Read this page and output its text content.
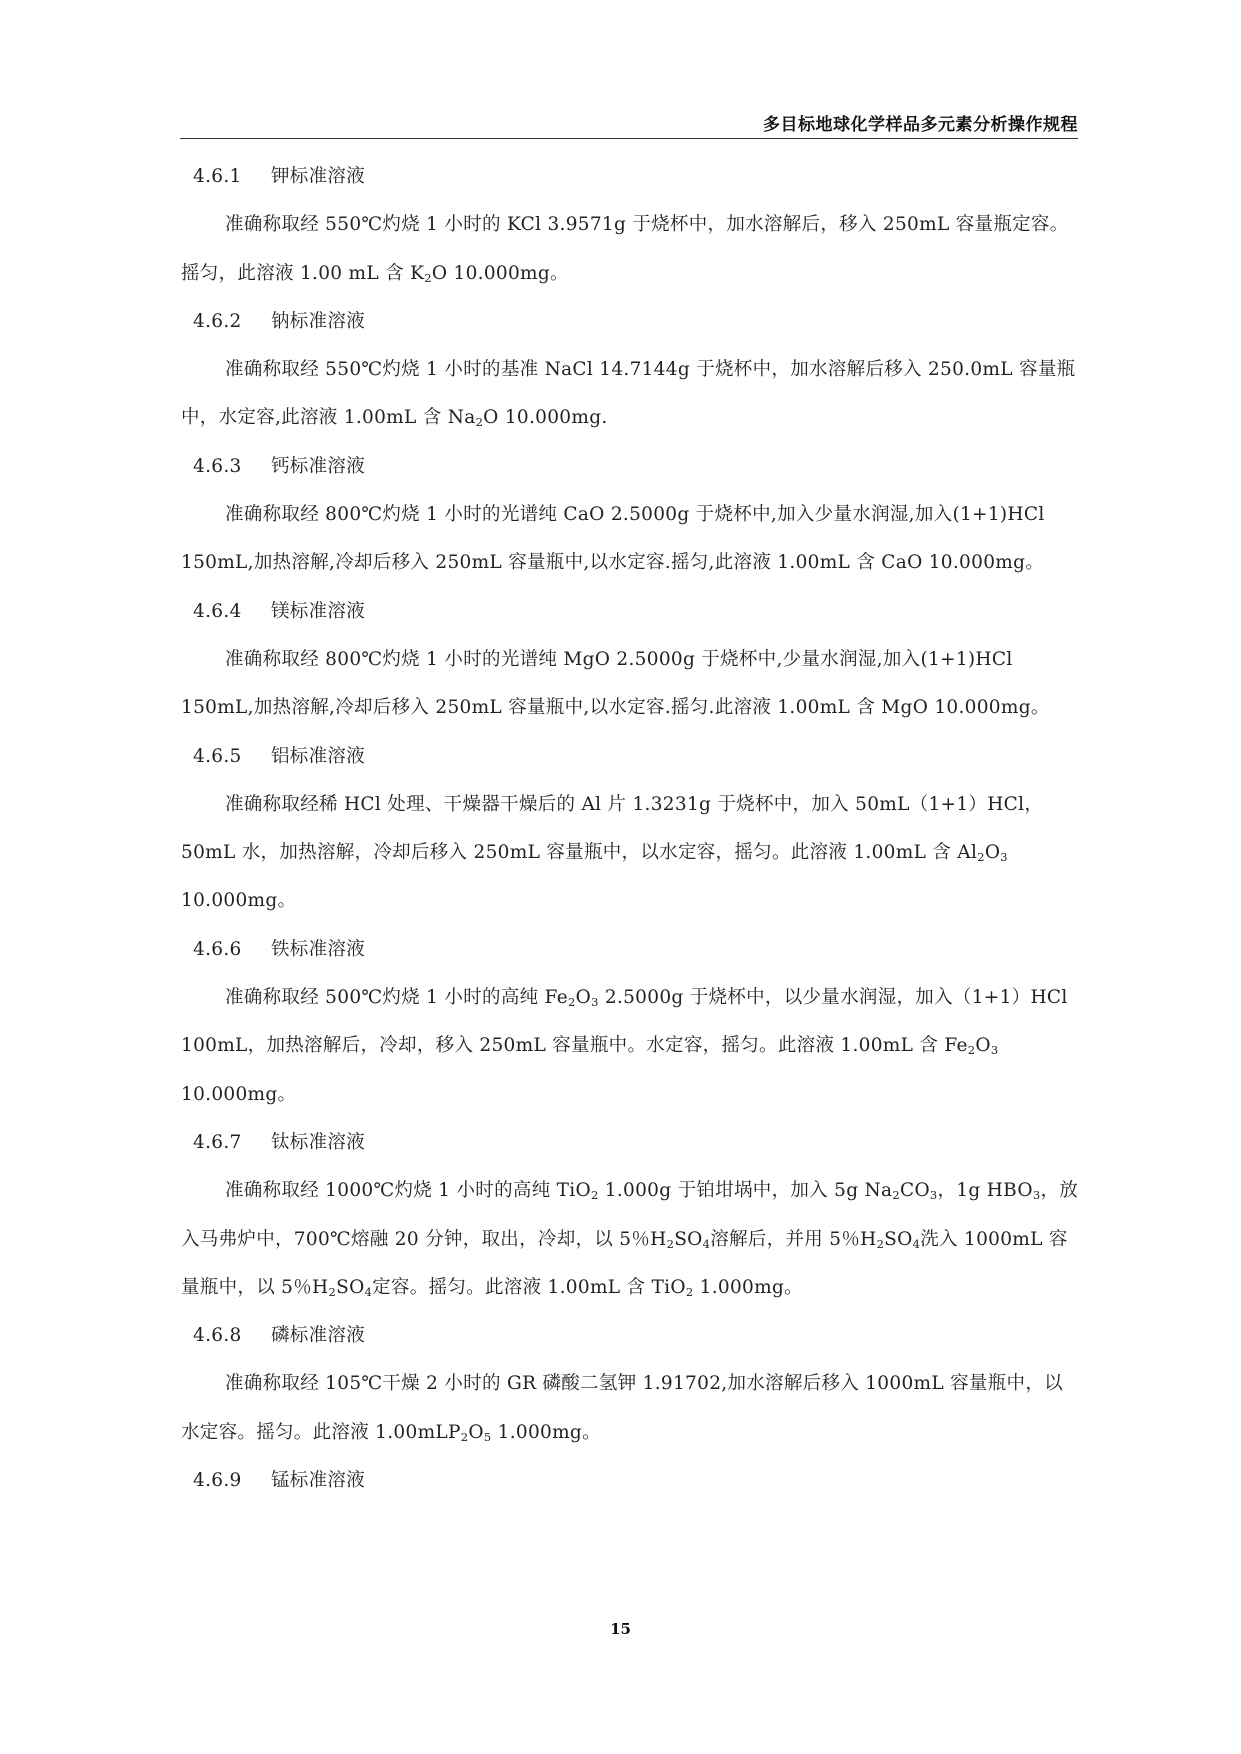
多目标地球化学样品多元素分析操作规程

4.6.1 钾标准溶液

准确称取经 550℃灼烧 1 小时的 KCl 3.9571g 于烧杯中，加水溶解后，移入 250mL 容量瓶定容。摇匀，此溶液 1.00 mL 含 $K_2O$ 10.000mg。

4.6.2 钠标准溶液

准确称取经 550℃灼烧 1 小时的基准 NaCl 14.7144g 于烧杯中，加水溶解后移入 250.0mL 容量瓶中，水定容,此溶液 1.00mL 含 $Na_2O$ 10.000mg.

4.6.3 钙标准溶液

准确称取经 800℃灼烧 1 小时的光谱纯 CaO 2.5000g 于烧杯中,加入少量水润湿,加入(1+1)HCl 150mL,加热溶解,冷却后移入 250mL 容量瓶中,以水定容.摇匀,此溶液 1.00mL 含 CaO 10.000mg。

4.6.4 镁标准溶液

准确称取经 800℃灼烧 1 小时的光谱纯 MgO 2.5000g 于烧杯中,少量水润湿,加入(1+1)HCl 150mL,加热溶解,冷却后移入 250mL 容量瓶中,以水定容.摇匀.此溶液 1.00mL 含 MgO 10.000mg。

4.6.5 铝标准溶液

准确称取经稀 HCl 处理、干燥器干燥后的 Al 片 1.3231g 于烧杯中，加入 50mL（1+1）HCl，50mL 水，加热溶解，冷却后移入 250mL 容量瓶中，以水定容，摇匀。此溶液 1.00mL 含 $Al_2O_3$ 10.000mg。

4.6.6 铁标准溶液

准确称取经 500℃灼烧 1 小时的高纯 $Fe_2O_3$ 2.5000g 于烧杯中，以少量水润湿，加入（1+1）HCl 100mL，加热溶解后，冷却，移入 250mL 容量瓶中。水定容，摇匀。此溶液 1.00mL 含 $Fe_2O_3$ 10.000mg。

4.6.7 钛标准溶液

准确称取经 1000℃灼烧 1 小时的高纯 TiO$_2$ 1.000g 于铂坩埚中，加入 5g $Na_2CO_3$，1g $HBO_3$，放入马弗炉中，700℃熔融 20 分钟，取出，冷却，以 5％$H_2SO_4$溶解后，并用 5％$H_2SO_4$洗入 1000mL 容量瓶中，以 5％$H_2SO_4$定容。摇匀。此溶液 1.00mL 含 TiO$_2$ 1.000mg。

4.6.8 磷标准溶液

准确称取经 105℃干燥 2 小时的 GR 磷酸二氢钾 1.91702,加水溶解后移入 1000mL 容量瓶中，以水定容。摇匀。此溶液 $1.00mLP_2O_5$ 1.000mg。

4.6.9 锰标准溶液

15
